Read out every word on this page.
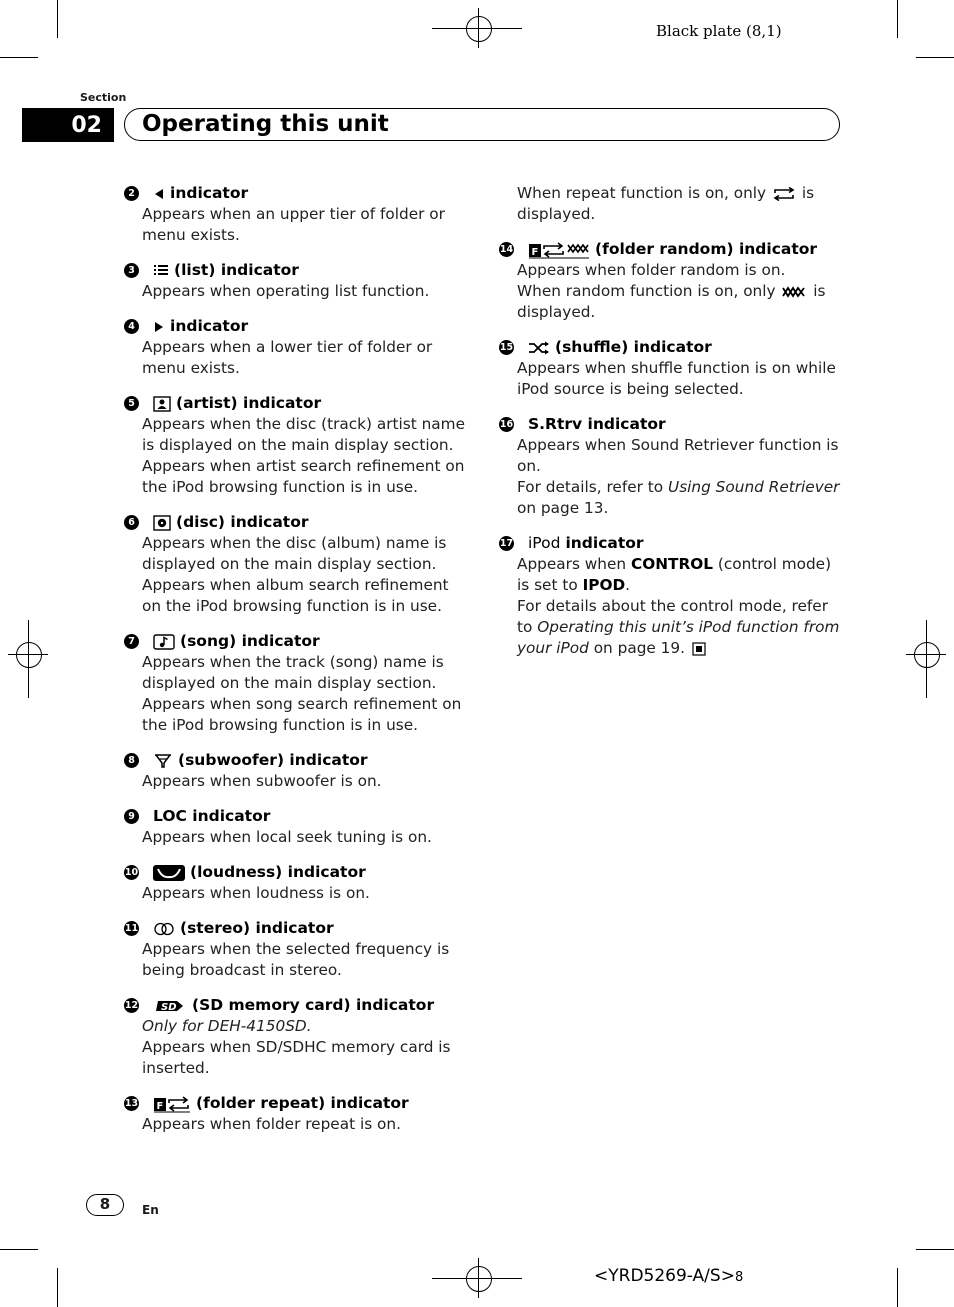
Black plate (8,1)
Section
02	Operating this unit
2 indicator

Appears when an upper tier of folder or menu exists.

3	(list) indicator

Appears when operating list function.

4 indicator

Appears when a lower tier of folder or menu exists.

5	(artist) indicator

Appears when the disc (track) artist name is displayed on the main display section.

Appears when artist search refinement on the iPod browsing function is in use.

6	(disc) indicator

Appears when the disc (album) name is displayed on the main display section.

Appears when album search refinement on the iPod browsing function is in use.

7	(song) indicator

Appears when the track (song) name is displayed on the main display section.

Appears when song search refinement on the iPod browsing function is in use.

8	(subwoofer) indicator

Appears when subwoofer is on.

9 LOC indicator

Appears when local seek tuning is on.

10	(loudness) indicator

Appears when loudness is on.

11	(stereo) indicator

Appears when the selected frequency is being broadcast in stereo.

12 SD (SD memory card) indicator

Only for DEH-4150SD.

Appears when SD/SDHC memory card is inserted.

13 F (folder repeat) indicator

Appears when folder repeat is on.

When repeat function is on, only is displayed.

14 F	(folder random) indicator

Appears when folder random is on.

When random function is on, only is displayed.

15	(shuffle) indicator

Appears when shuffle function is on while iPod source is being selected.

16 S.Rtrv indicator

Appears when Sound Retriever function is on.

For details, refer to Using Sound Retriever on page 13.

17 iPod indicator

Appears when CONTROL (control mode) is set to IPOD.

For details about the control mode, refer to Operating this unit’s iPod function from your iPod on page 19.

8	En
<YRD5269-A/S>8
